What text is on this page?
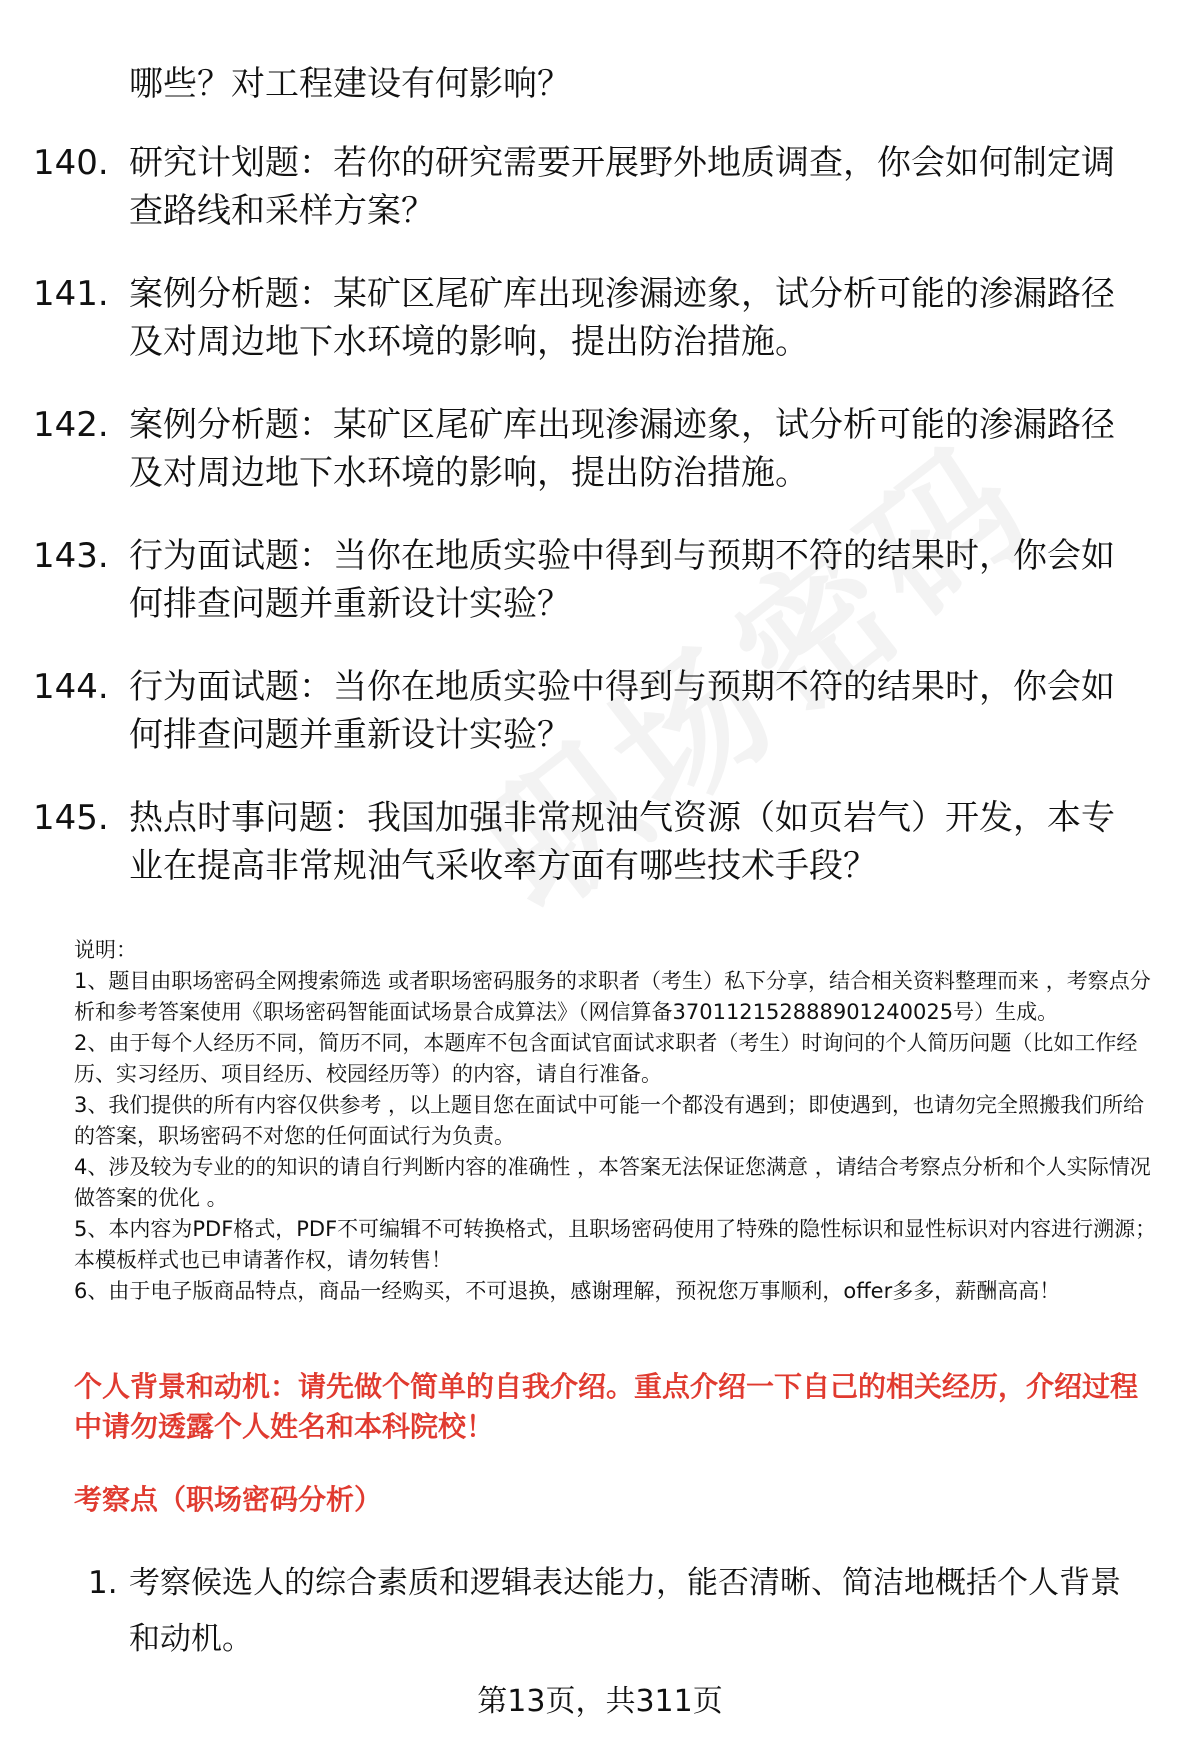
哪些？对工程建设有何影响？
140. 研究计划题：若你的研究需要开展野外地质调查，你会如何制定调查路线和采样方案？
141. 案例分析题：某矿区尾矿库出现渗漏迹象，试分析可能的渗漏路径及对周边地下水环境的影响，提出防治措施。
142. 案例分析题：某矿区尾矿库出现渗漏迹象，试分析可能的渗漏路径及对周边地下水环境的影响，提出防治措施。
143. 行为面试题：当你在地质实验中得到与预期不符的结果时，你会如何排查问题并重新设计实验？
144. 行为面试题：当你在地质实验中得到与预期不符的结果时，你会如何排查问题并重新设计实验？
145. 热点时事问题：我国加强非常规油气资源（如页岩气）开发，本专业在提高非常规油气采收率方面有哪些技术手段？

说明：

1、题目由职场密码全网搜索筛选 或者职场密码服务的求职者（考生）私下分享，结合相关资料整理而来 ，考察点分析和参考答案使用《职场密码智能面试场景合成算法》（网信算备370112152888901240025号）生成。

2、由于每个人经历不同，简历不同，本题库不包含面试官面试求职者（考生）时询问的个人简历问题（比如工作经历、实习经历、项目经历、校园经历等）的内容，请自行准备。

3、我们提供的所有内容仅供参考 ，以上题目您在面试中可能一个都没有遇到；即使遇到，也请勿完全照搬我们所给的答案，职场密码不对您的任何面试行为负责。

4、涉及较为专业的的知识的请自行判断内容的准确性 ，本答案无法保证您满意 ，请结合考察点分析和个人实际情况做答案的优化 。

5、本内容为PDF格式，PDF不可编辑不可转换格式，且职场密码使用了特殊的隐性标识和显性标识对内容进行溯源；本模板样式也已申请著作权，请勿转售！

6、由于电子版商品特点，商品一经购买，不可退换，感谢理解，预祝您万事顺利，offer多多，薪酬高高！

个人背景和动机：请先做个简单的自我介绍。重点介绍一下自己的相关经历，介绍过程中请勿透露个人姓名和本科院校！
考察点（职场密码分析）
1. 考察候选人的综合素质和逻辑表达能力，能否清晰、简洁地概括个人背景和动机。
第13页，共311页
